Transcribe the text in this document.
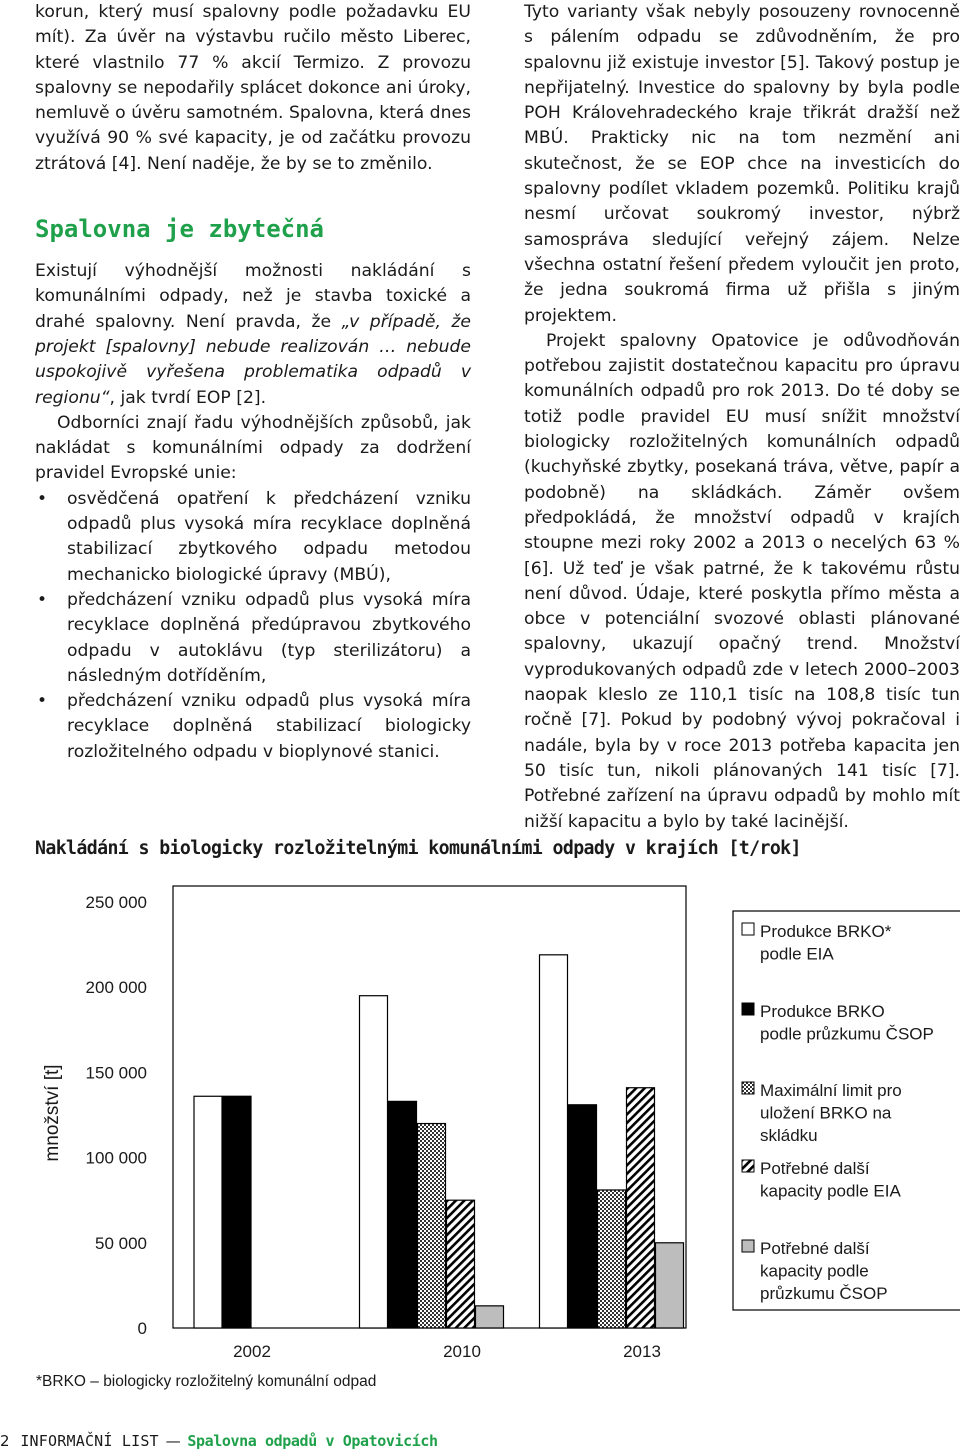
korun, který musí spalovny podle požadavku EU mít). Za úvěr na výstavbu ručilo město Liberec, které vlastnilo 77 % akcií Termizo. Z provozu spalovny se nepodařily splácet dokonce ani úroky, nemluvě o úvěru samotném. Spalovna, která dnes využívá 90 % své kapacity, je od začátku provozu ztrátová [4]. Není naděje, že by se to změnilo.

Spalovna je zbytečná

Existují výhodnější možnosti nakládání s komunálními odpady, než je stavba toxické a drahé spalovny. Není pravda, že „v případě, že projekt [spalovny] nebude realizován … nebude uspokojivě vyřešena problematika odpadů v regionu“, jak tvrdí EOP [2].

Odborníci znají řadu výhodnějších způsobů, jak nakládat s komunálními odpady za dodržení pravidel Evropské unie:

• osvědčená opatření k předcházení vzniku odpadů plus vysoká míra recyklace doplněná stabilizací zbytkového odpadu metodou mechanicko biologické úpravy (MBÚ),
• předcházení vzniku odpadů plus vysoká míra recyklace doplněná předúpravou zbytkového odpadu v autoklávu (typ sterilizátoru) a následným dotříděním,
• předcházení vzniku odpadů plus vysoká míra recyklace doplněná stabilizací biologicky rozložitelného odpadu v bioplynové stanici.

Tyto varianty však nebyly posouzeny rovnocenně s pálením odpadu se zdůvodněním, že pro spalovnu již existuje investor [5]. Takový postup je nepřijatelný. Investice do spalovny by byla podle POH Královehradeckého kraje třikrát dražší než MBÚ. Prakticky nic na tom nezmění ani skutečnost, že se EOP chce na investicích do spalovny podílet vkladem pozemků. Politiku krajů nesmí určovat soukromý investor, nýbrž samospráva sledující veřejný zájem. Nelze všechna ostatní řešení předem vyloučit jen proto, že jedna soukromá firma už přišla s jiným projektem.

Projekt spalovny Opatovice je odůvodňován potřebou zajistit dostatečnou kapacitu pro úpravu komunálních odpadů pro rok 2013. Do té doby se totiž podle pravidel EU musí snížit množství biologicky rozložitelných komunálních odpadů (kuchyňské zbytky, posekaná tráva, větve, papír a podobně) na skládkách. Záměr ovšem předpokládá, že množství odpadů v krajích stoupne mezi roky 2002 a 2013 o necelých 63 % [6]. Už teď je však patrné, že k takovému růstu není důvod. Údaje, které poskytla přímo města a obce v potenciální svozové oblasti plánované spalovny, ukazují opačný trend. Množství vyprodukovaných odpadů zde v letech 2000–2003 naopak kleslo ze 110,1 tisíc na 108,8 tisíc tun ročně [7]. Pokud by podobný vývoj pokračoval i nadále, byla by v roce 2013 potřeba kapacita jen 50 tisíc tun, nikoli plánovaných 141 tisíc [7]. Potřebné zařízení na úpravu odpadů by mohlo mít nižší kapacitu a bylo by také lacinější.

Nakládání s biologicky rozložitelnými komunálními odpady v krajích [t/rok]
0
50 000
100 000
150 000
200 000
250 000
množství [t]
2002	2010	2013
Produkce BRKO*
podle EIA
Produkce BRKO
podle průzkumu ČSOP
Maximální limit pro
uložení BRKO na
skládku
Potřebné další
kapacity podle EIA
Potřebné další
kapacity podle
průzkumu ČSOP
*BRKO – biologicky rozložitelný komunální odpad
2 INFORMAČNÍ LIST — Spalovna odpadů v Opatovicích
